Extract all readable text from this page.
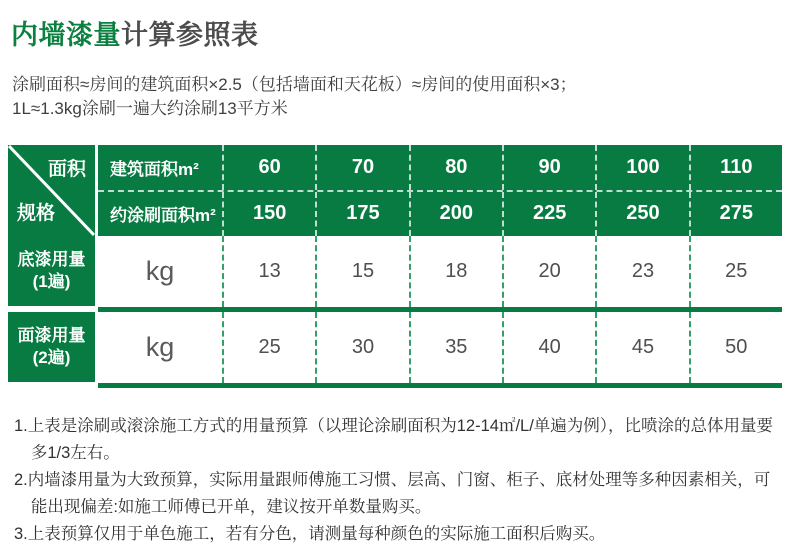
内墙漆量计算参照表
涂刷面积≈房间的建筑面积×2.5（包括墙面和天花板）≈房间的使用面积×3；
1L≈1.3kg涂刷一遍大约涂刷13平方米
面积
规格
建筑面积m²	60	70	80	90	100	110
约涂刷面积m²	150	175	200	225	250	275
底漆用量
(1遍)	kg	13	15	18	20	23	25
面漆用量
(2遍)	kg	25	30	35	40	45	50
1.上表是涂刷或滚涂施工方式的用量预算（以理论涂刷面积为12-14㎡/L/单遍为例），比喷涂的总体用量要多1/3左右。
2.内墙漆用量为大致预算，实际用量跟师傅施工习惯、层高、门窗、柜子、底材处理等多种因素相关，可能出现偏差:如施工师傅已开单，建议按开单数量购买。
3.上表预算仅用于单色施工，若有分色，请测量每种颜色的实际施工面积后购买。
